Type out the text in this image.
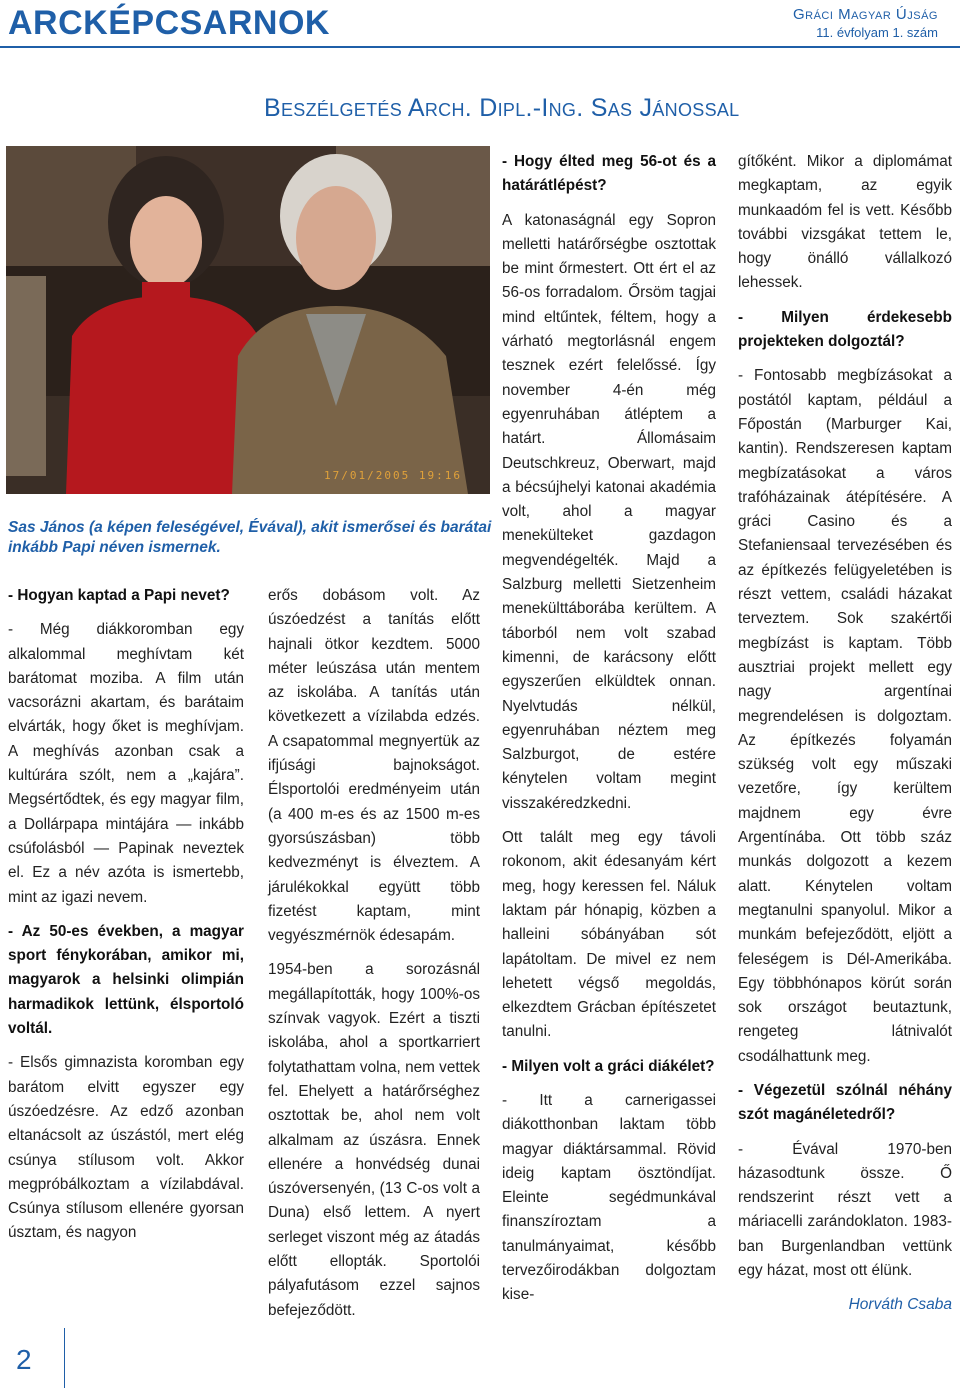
ARCKÉPCSARNOK	Gráci Magyar Újság
11. évfolyam 1. szám
Beszélgetés Arch. Dipl.-Ing. Sas Jánossal
17/01/2005 19:16
Sas János (a képen feleségével, Évával), akit ismerősei és barátai inkább Papi néven ismernek.

- Hogyan kaptad a Papi nevet?

- Még diákkoromban egy alkalommal meghívtam két barátomat moziba. A film után vacsorázni akartam, és barátaim elvárták, hogy őket is meghívjam. A meghívás azonban csak a kultúrára szólt, nem a „kajára”. Megsértődtek, és egy magyar film, a Dollárpapa mintájára — inkább csúfolásból — Papinak neveztek el. Ez a név azóta is ismertebb, mint az igazi nevem.

- Az 50-es években, a magyar sport fénykorában, amikor mi, magyarok a helsinki olimpián harmadikok lettünk, élsportoló voltál.

- Elsős gimnazista koromban egy barátom elvitt egyszer egy úszóedzésre. Az edző azonban eltanácsolt az úszástól, mert elég csúnya stílusom volt. Akkor megpróbálkoztam a vízilabdával. Csúnya stílusom ellenére gyorsan úsztam, és nagyon

erős dobásom volt. Az úszóedzést a tanítás előtt hajnali ötkor kezdtem. 5000 méter leúszása után mentem az iskolába. A tanítás után következett a vízilabda edzés. A csapatommal megnyertük az ifjúsági bajnokságot. Élsportolói eredményeim után (a 400 m-es és az 1500 m-es gyorsúszásban) több kedvezményt is élveztem. A járulékokkal együtt több fizetést kaptam, mint vegyészmérnök édesapám.

1954-ben a sorozásnál megállapították, hogy 100%-os színvak vagyok. Ezért a tiszti iskolába, ahol a sportkarriert folytathattam volna, nem vettek fel. Ehelyett a határőrséghez osztottak be, ahol nem volt alkalmam az úszásra. Ennek ellenére a honvédség dunai úszóversenyén, (13 C-os volt a Duna) első lettem. A nyert serleget viszont még az átadás előtt ellopták. Sportolói pályafutásom ezzel sajnos befejeződött.

- Hogy élted meg 56-ot és a határátlépést?

A katonaságnál egy Sopron melletti határőrségbe osztottak be mint őrmestert. Ott ért el az 56-os forradalom. Őrsöm tagjai mind eltűntek, féltem, hogy a várható megtorlásnál engem tesznek ezért felelőssé. Így november 4-én még egyenruhában átléptem a határt. Állomásaim Deutschkreuz, Oberwart, majd a bécsújhelyi katonai akadémia volt, ahol a magyar menekülteket gazdagon megvendégelték. Majd a Salzburg melletti Sietzenheim menekülttáborába kerültem. A táborból nem volt szabad kimenni, de karácsony előtt egyszerűen elküldtek onnan. Nyelvtudás nélkül, egyenruhában néztem meg Salzburgot, de estére kénytelen voltam megint visszakéredzkedni.

Ott talált meg egy távoli rokonom, akit édesanyám kért meg, hogy keressen fel. Náluk laktam pár hónapig, közben a halleini sóbányában sót lapátoltam. De mivel ez nem lehetett végső megoldás, elkezdtem Grácban építészetet tanulni.

- Milyen volt a gráci diákélet?

- Itt a carnerigassei diákotthonban laktam több magyar diáktársammal. Rövid ideig kaptam ösztöndíjat. Eleinte segédmunkával finanszíroztam a tanulmányaimat, később tervezőirodákban dolgoztam kise-

gítőként. Mikor a diplomámat megkaptam, az egyik munkaadóm fel is vett. Később további vizsgákat tettem le, hogy önálló vállalkozó lehessek.

- Milyen érdekesebb projekteken dolgoztál?

- Fontosabb megbízásokat a postától kaptam, például a Főpostán (Marburger Kai, kantin). Rendszeresen kaptam megbízatásokat a város trafóházainak átépítésére. A gráci Casino és a Stefaniensaal tervezésében és az építkezés felügyeletében is részt vettem, családi házakat terveztem. Sok szakértői megbízást is kaptam. Több ausztriai projekt mellett egy nagy argentínai megrendelésen is dolgoztam. Az építkezés folyamán szükség volt egy műszaki vezetőre, így kerültem majdnem egy évre Argentínába. Ott több száz munkás dolgozott a kezem alatt. Kénytelen voltam megtanulni spanyolul. Mikor a munkám befejeződött, eljött a feleségem is Dél-Amerikába. Egy többhónapos körút során sok országot beutaztunk, rengeteg látnivalót csodálhattunk meg.

- Végezetül szólnál néhány szót magánéletedről?

- Évával 1970-ben házasodtunk össze. Ő rendszerint részt vett a máriacelli zarándoklaton. 1983-ban Burgenlandban vettünk egy házat, most ott élünk.

Horváth Csaba
2
